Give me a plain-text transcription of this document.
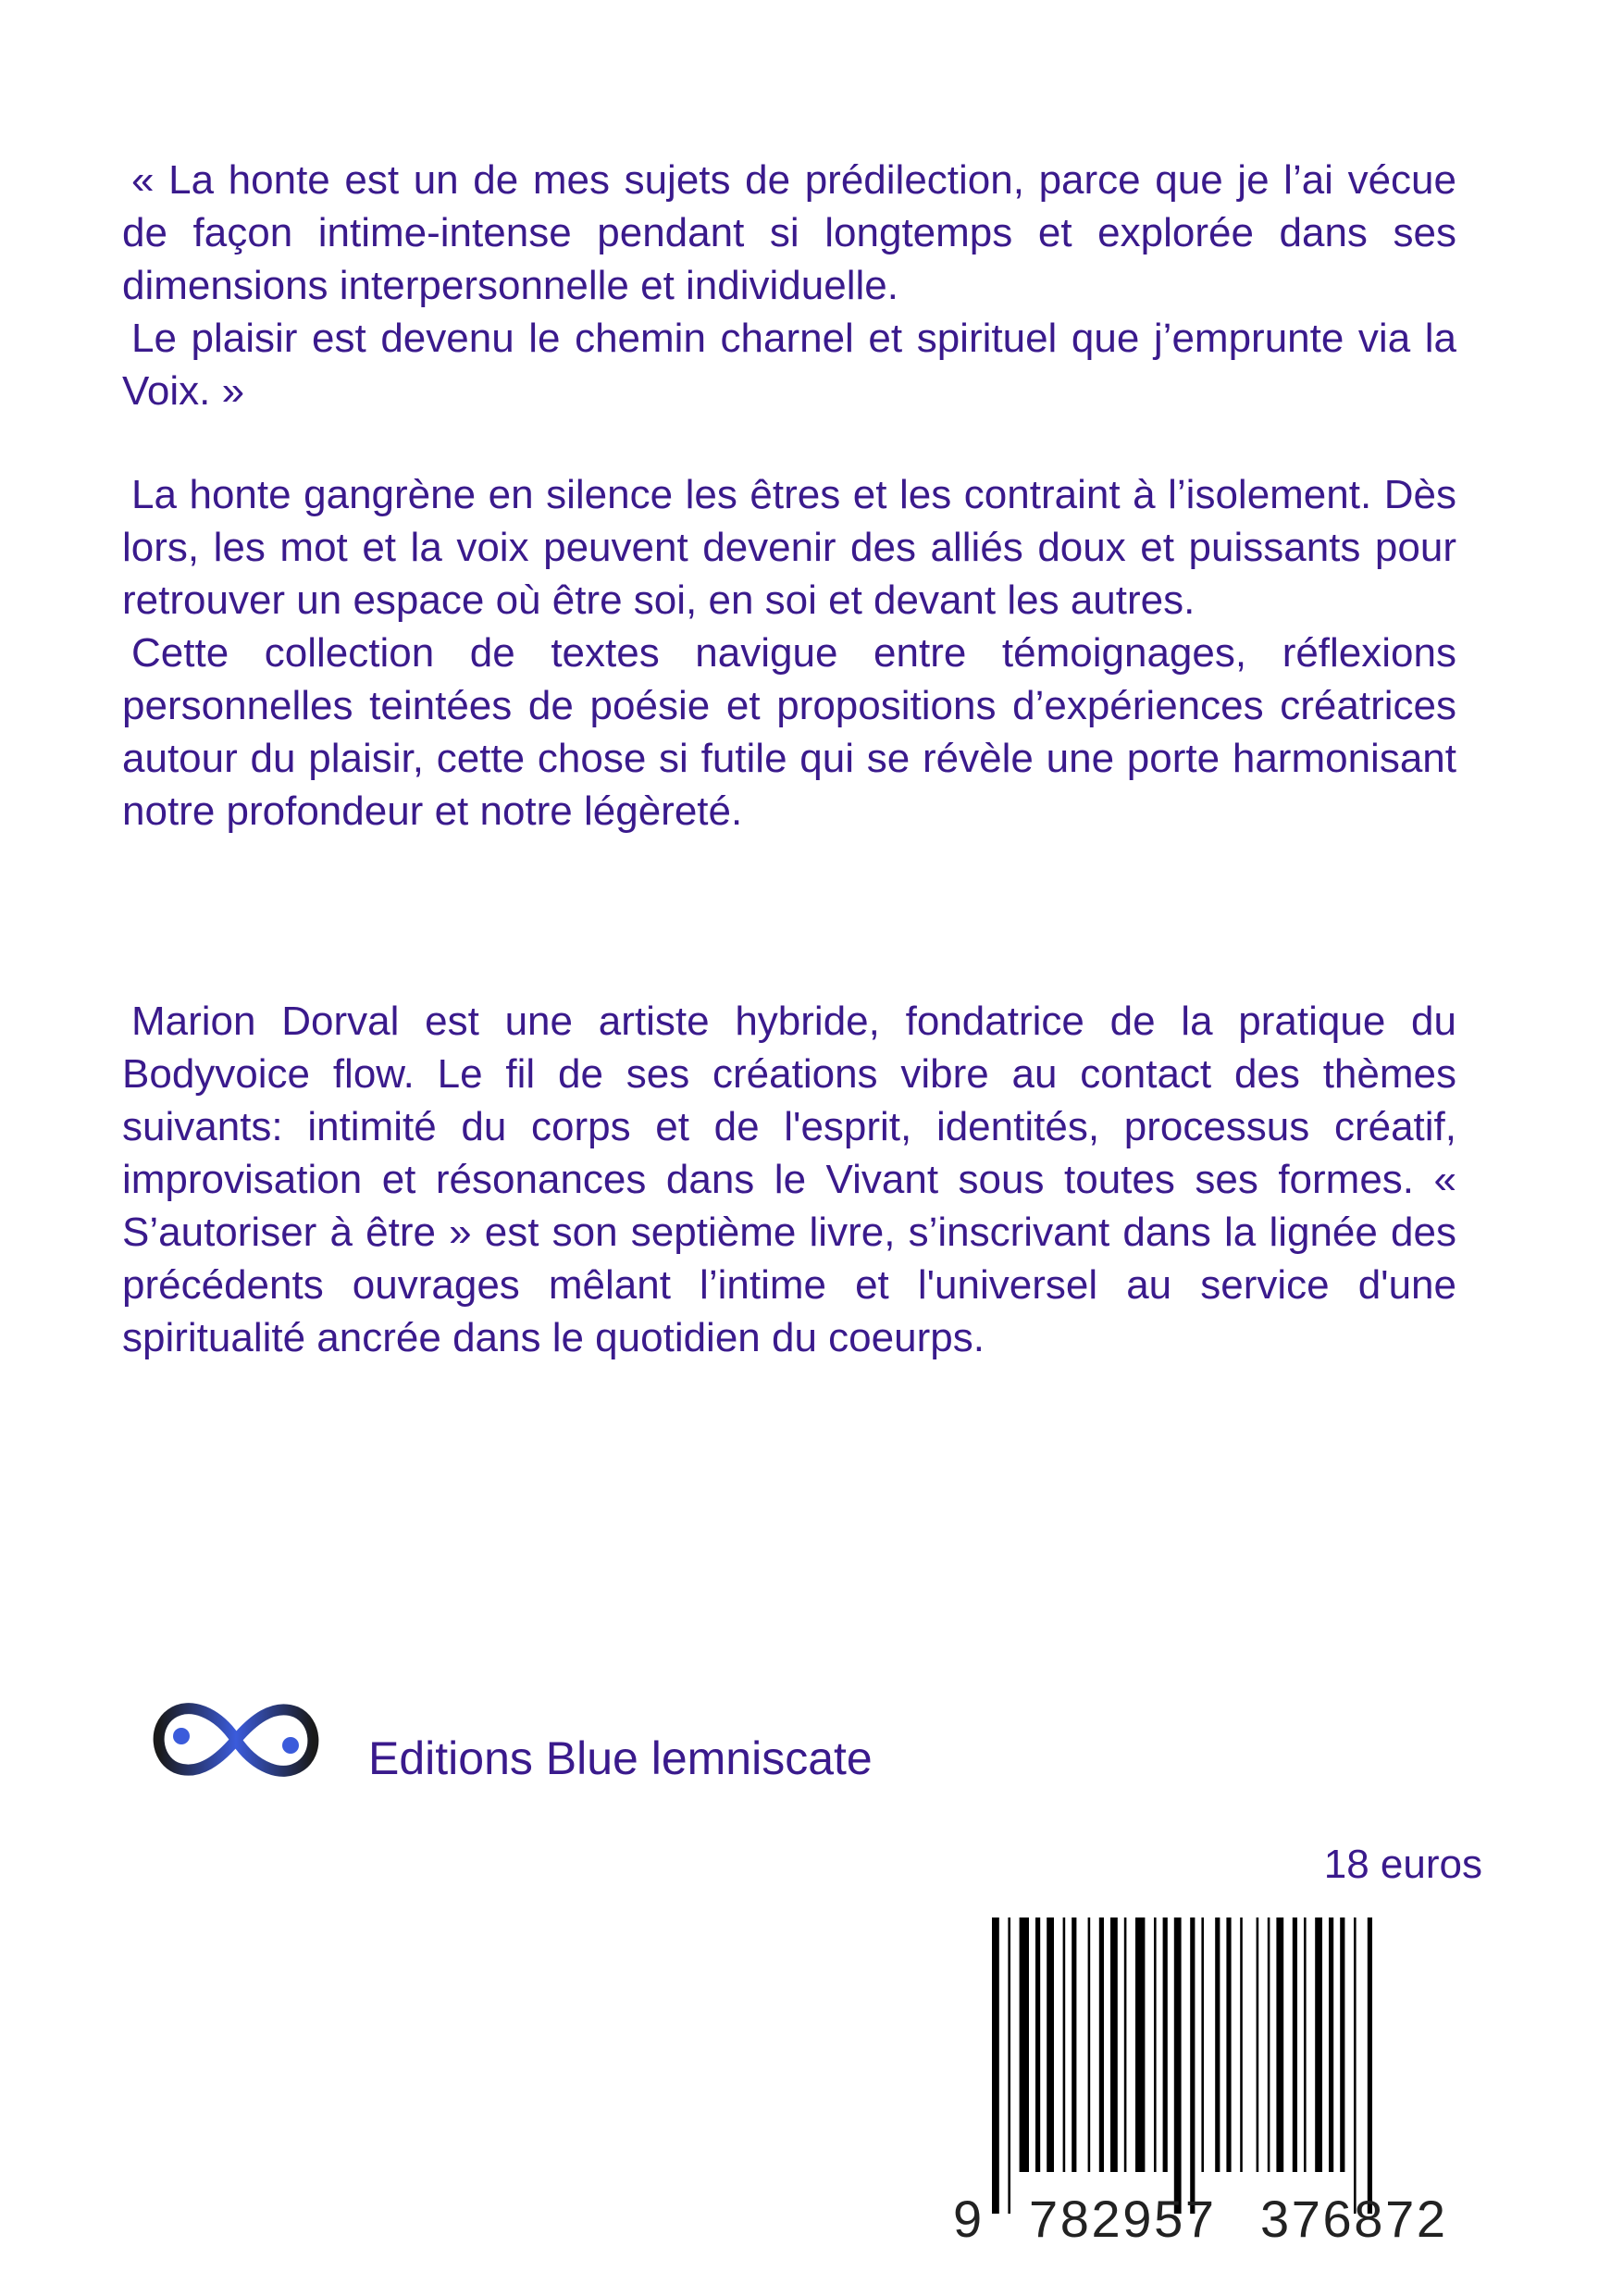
« La honte est un de mes sujets de prédilection, parce que je l’ai vécue de façon intime-intense pendant si longtemps et explorée dans ses dimensions interpersonnelle et individuelle.

Le plaisir est devenu le chemin charnel et spirituel que j’emprunte via la Voix. »

La honte gangrène en silence les êtres et les contraint à l’isolement. Dès lors, les mot et la voix peuvent devenir des alliés doux et puissants pour retrouver un espace où être soi, en soi et devant les autres.

Cette collection de textes navigue entre témoignages, réflexions personnelles teintées de poésie et propositions d’expériences créatrices autour du plaisir, cette chose si futile qui se révèle une porte harmonisant notre profondeur et notre légèreté.

Marion Dorval est une artiste hybride, fondatrice de la pratique du Bodyvoice flow. Le fil de ses créations vibre au contact des thèmes suivants: intimité du corps et de l'esprit, identités, processus créatif, improvisation et résonances dans le Vivant sous toutes ses formes. « S’autoriser à être » est son septième livre, s’inscrivant dans la lignée des précédents ouvrages mêlant l’intime et l'universel au service d'une spiritualité ancrée dans le quotidien du coeurps.

Editions Blue lemniscate
18 euros
9 782957 376872
